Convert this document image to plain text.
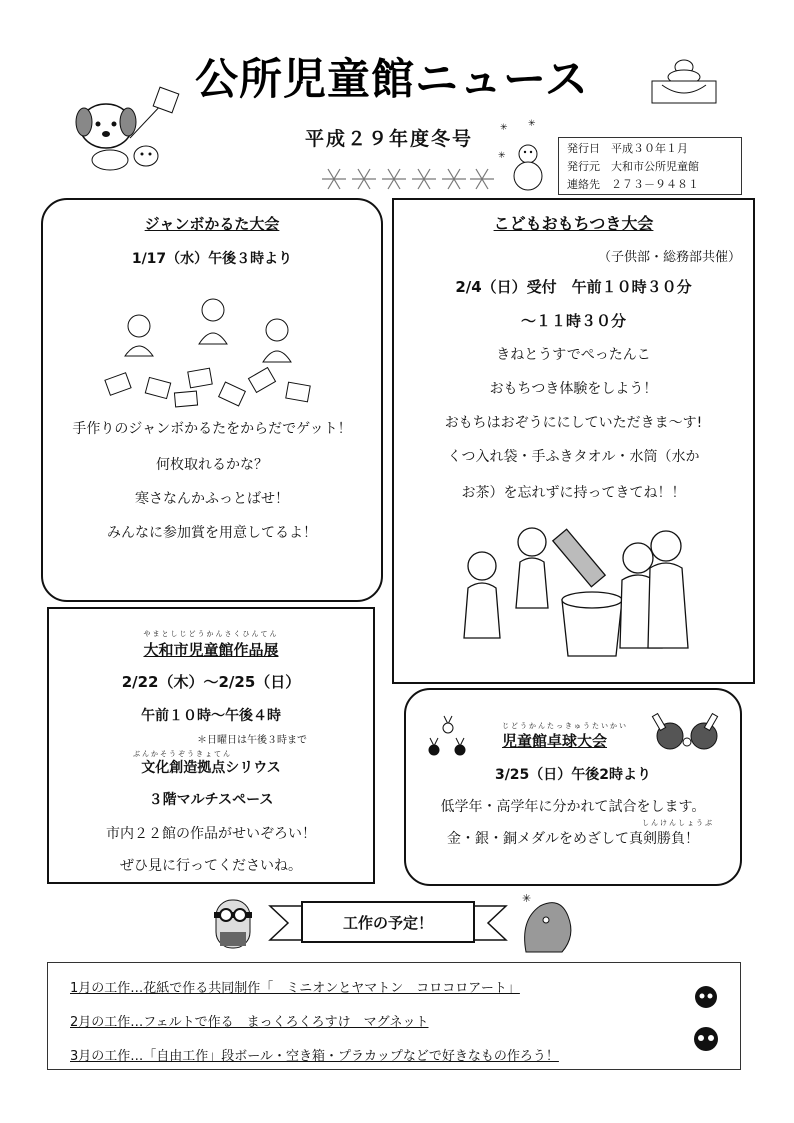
公所児童館ニュース
平成２９年度冬号	✳ ✳
✳
発行日　平成３０年１月
発行元　大和市公所児童館
連絡先　２７３－９４８１
ジャンボかるた大会
1/17（水）午後３時より
手作りのジャンボかるたをからだでゲット！
何枚取れるかな？
寒さなんかふっとばせ！
みんなに参加賞を用意してるよ！
こどもおもちつき大会
（子供部・総務部共催）
2/4（日）受付　午前１０時３０分
～１１時３０分
きねとうすでぺったんこ
おもちつき体験をしよう！
おもちはおぞうににしていただきま～す!
くつ入れ袋・手ふきタオル・水筒（水か
お茶）を忘れずに持ってきてね！！
やまとしじどうかんさくひんてん
大和市児童館作品展
2/22（木）～2/25（日）
午前１０時～午後４時
＊日曜日は午後３時まで
ぶんかそうぞうきょてん
文化創造拠点シリウス
３階マルチスペース
市内２２館の作品がせいぞろい！
ぜひ見に行ってくださいね。
じどうかんたっきゅうたいかい
児童館卓球大会
3/25（日）午後2時より
低学年・高学年に分かれて試合をします。
しんけんしょうぶ
金・銀・銅メダルをめざして真剣勝負！
工作の予定！
✳
1月の工作…花紙で作る共同制作「　ミニオンとヤマトン　コロコロアート」
2月の工作…フェルトで作る　まっくろくろすけ　マグネット
3月の工作…「自由工作」段ボール・空き箱・プラカップなどで好きなもの作ろう！
